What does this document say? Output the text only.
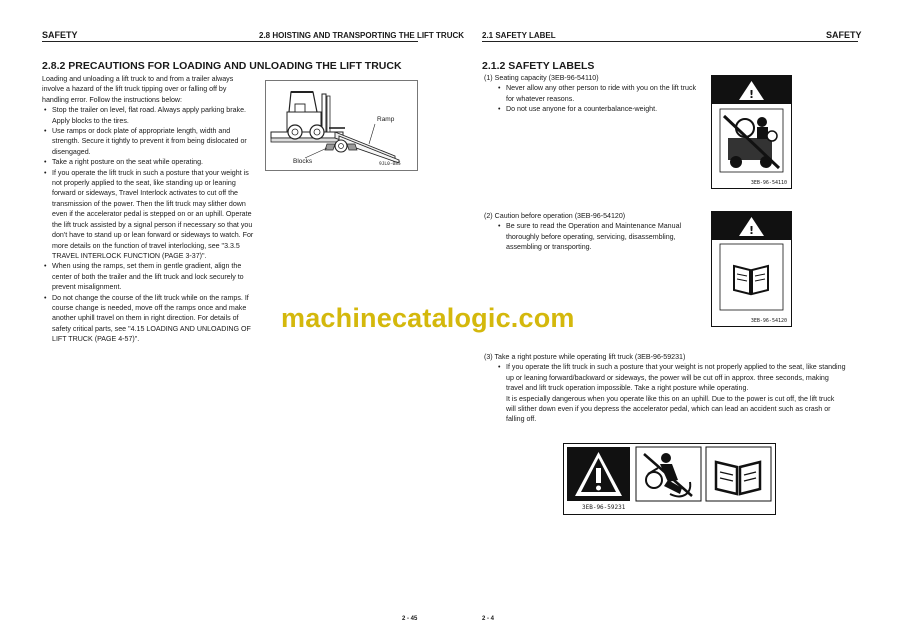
SAFETY	2.8 HOISTING AND TRANSPORTING THE LIFT TRUCK
2.8.2 PRECAUTIONS FOR LOADING AND UNLOADING THE LIFT TRUCK
Loading and unloading a lift truck to and from a trailer always
involve a hazard of the lift truck tipping over or falling off by
handling error. Follow the instructions below:
• Stop the trailer on level, flat road. Always apply parking brake.
Apply blocks to the tires.
• Use ramps or dock plate of appropriate length, width and
strength. Secure it tightly to prevent it from being dislocated or
disengaged.
• Take a right posture on the seat while operating.
• If you operate the lift truck in such a posture that your weight is
not properly applied to the seat, like standing up or leaning
forward or sideways, Travel Interlock activates to cut off the
transmission of the power. Then the lift truck may slither down
even if the accelerator pedal is stepped on or an uphill. Operate
the lift truck assisted by a signal person if necessary so that you
don't have to stand up or lean forward or sideways to watch. For
more details on the function of travel interlocking, see "3.3.5
TRAVEL INTERLOCK FUNCTION (PAGE 3-37)".
• When using the ramps, set them in gentle gradient, align the
center of both the trailer and the lift truck and lock securely to
prevent misalignment.
• Do not change the course of the lift truck while on the ramps. If
course change is needed, move off the ramps once and make
another uphill travel on them in right direction. For details of
safety critical parts, see "4.15 LOADING AND UNLOADING OF
LIFT TRUCK (PAGE 4-57)".
Ramp
Blocks	9JL0-085
2 - 45
2.1 SAFETY LABEL	SAFETY
2.1.2 SAFETY LABELS
(1) Seating capacity (3EB-96-54110)
• Never allow any other person to ride with you on the lift truck
for whatever reasons.
• Do not use anyone for a counterbalance-weight.
!
3EB-96-54110
(2) Caution before operation (3EB-96-54120)
• Be sure to read the Operation and Maintenance Manual
thoroughly before operating, servicing, disassembling,
assembling or transporting.
!
3EB-96-54120
(3) Take a right posture while operating lift truck (3EB-96-59231)
• If you operate the lift truck in such a posture that your weight is not properly applied to the seat, like standing
up or leaning forward/backward or sideways, the power will be cut off in approx. three seconds, making
travel and lift truck operation impossible. Take a right posture while operating.
It is especially dangerous when you operate like this on an uphill. Due to the power is cut off, the lift truck
will slither down even if you depress the accelerator pedal, which can lead an accident such as crash or
falling off.
3EB-96-59231
2 - 4
machinecatalogic.com
